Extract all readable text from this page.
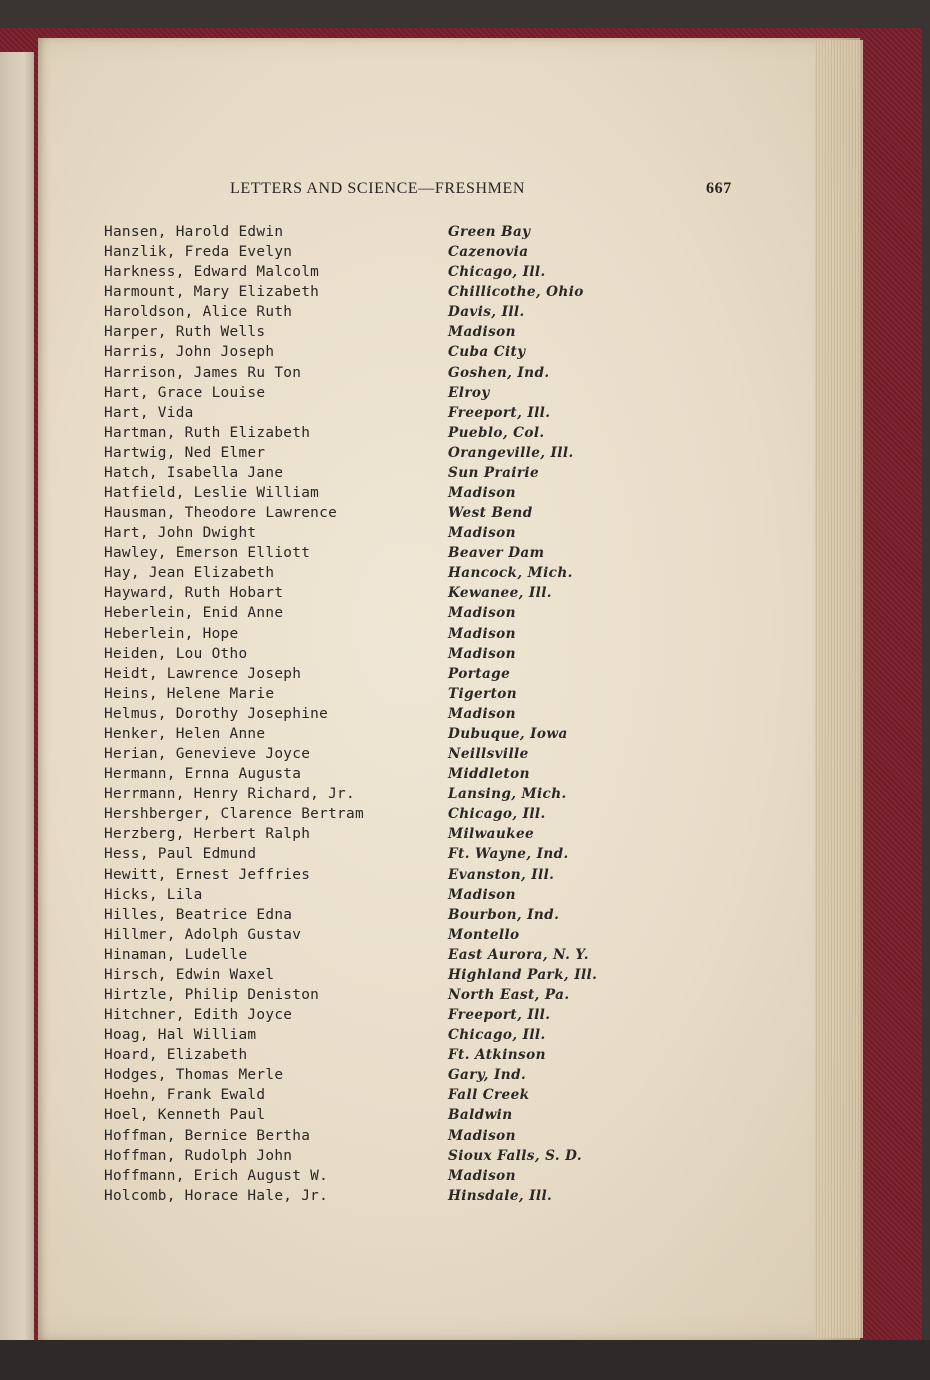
LETTERS AND SCIENCE—FRESHMEN	667
Hansen, Harold Edwin	Green Bay
Hanzlik, Freda Evelyn	Cazenovia
Harkness, Edward Malcolm	Chicago, Ill.
Harmount, Mary Elizabeth	Chillicothe, Ohio
Haroldson, Alice Ruth	Davis, Ill.
Harper, Ruth Wells	Madison
Harris, John Joseph	Cuba City
Harrison, James Ru Ton	Goshen, Ind.
Hart, Grace Louise	Elroy
Hart, Vida	Freeport, Ill.
Hartman, Ruth Elizabeth	Pueblo, Col.
Hartwig, Ned Elmer	Orangeville, Ill.
Hatch, Isabella Jane	Sun Prairie
Hatfield, Leslie William	Madison
Hausman, Theodore Lawrence	West Bend
Hart, John Dwight	Madison
Hawley, Emerson Elliott	Beaver Dam
Hay, Jean Elizabeth	Hancock, Mich.
Hayward, Ruth Hobart	Kewanee, Ill.
Heberlein, Enid Anne	Madison
Heberlein, Hope	Madison
Heiden, Lou Otho	Madison
Heidt, Lawrence Joseph	Portage
Heins, Helene Marie	Tigerton
Helmus, Dorothy Josephine	Madison
Henker, Helen Anne	Dubuque, Iowa
Herian, Genevieve Joyce	Neillsville
Hermann, Ernna Augusta	Middleton
Herrmann, Henry Richard, Jr.	Lansing, Mich.
Hershberger, Clarence Bertram	Chicago, Ill.
Herzberg, Herbert Ralph	Milwaukee
Hess, Paul Edmund	Ft. Wayne, Ind.
Hewitt, Ernest Jeffries	Evanston, Ill.
Hicks, Lila	Madison
Hilles, Beatrice Edna	Bourbon, Ind.
Hillmer, Adolph Gustav	Montello
Hinaman, Ludelle	East Aurora, N. Y.
Hirsch, Edwin Waxel	Highland Park, Ill.
Hirtzle, Philip Deniston	North East, Pa.
Hitchner, Edith Joyce	Freeport, Ill.
Hoag, Hal William	Chicago, Ill.
Hoard, Elizabeth	Ft. Atkinson
Hodges, Thomas Merle	Gary, Ind.
Hoehn, Frank Ewald	Fall Creek
Hoel, Kenneth Paul	Baldwin
Hoffman, Bernice Bertha	Madison
Hoffman, Rudolph John	Sioux Falls, S. D.
Hoffmann, Erich August W.	Madison
Holcomb, Horace Hale, Jr.	Hinsdale, Ill.
